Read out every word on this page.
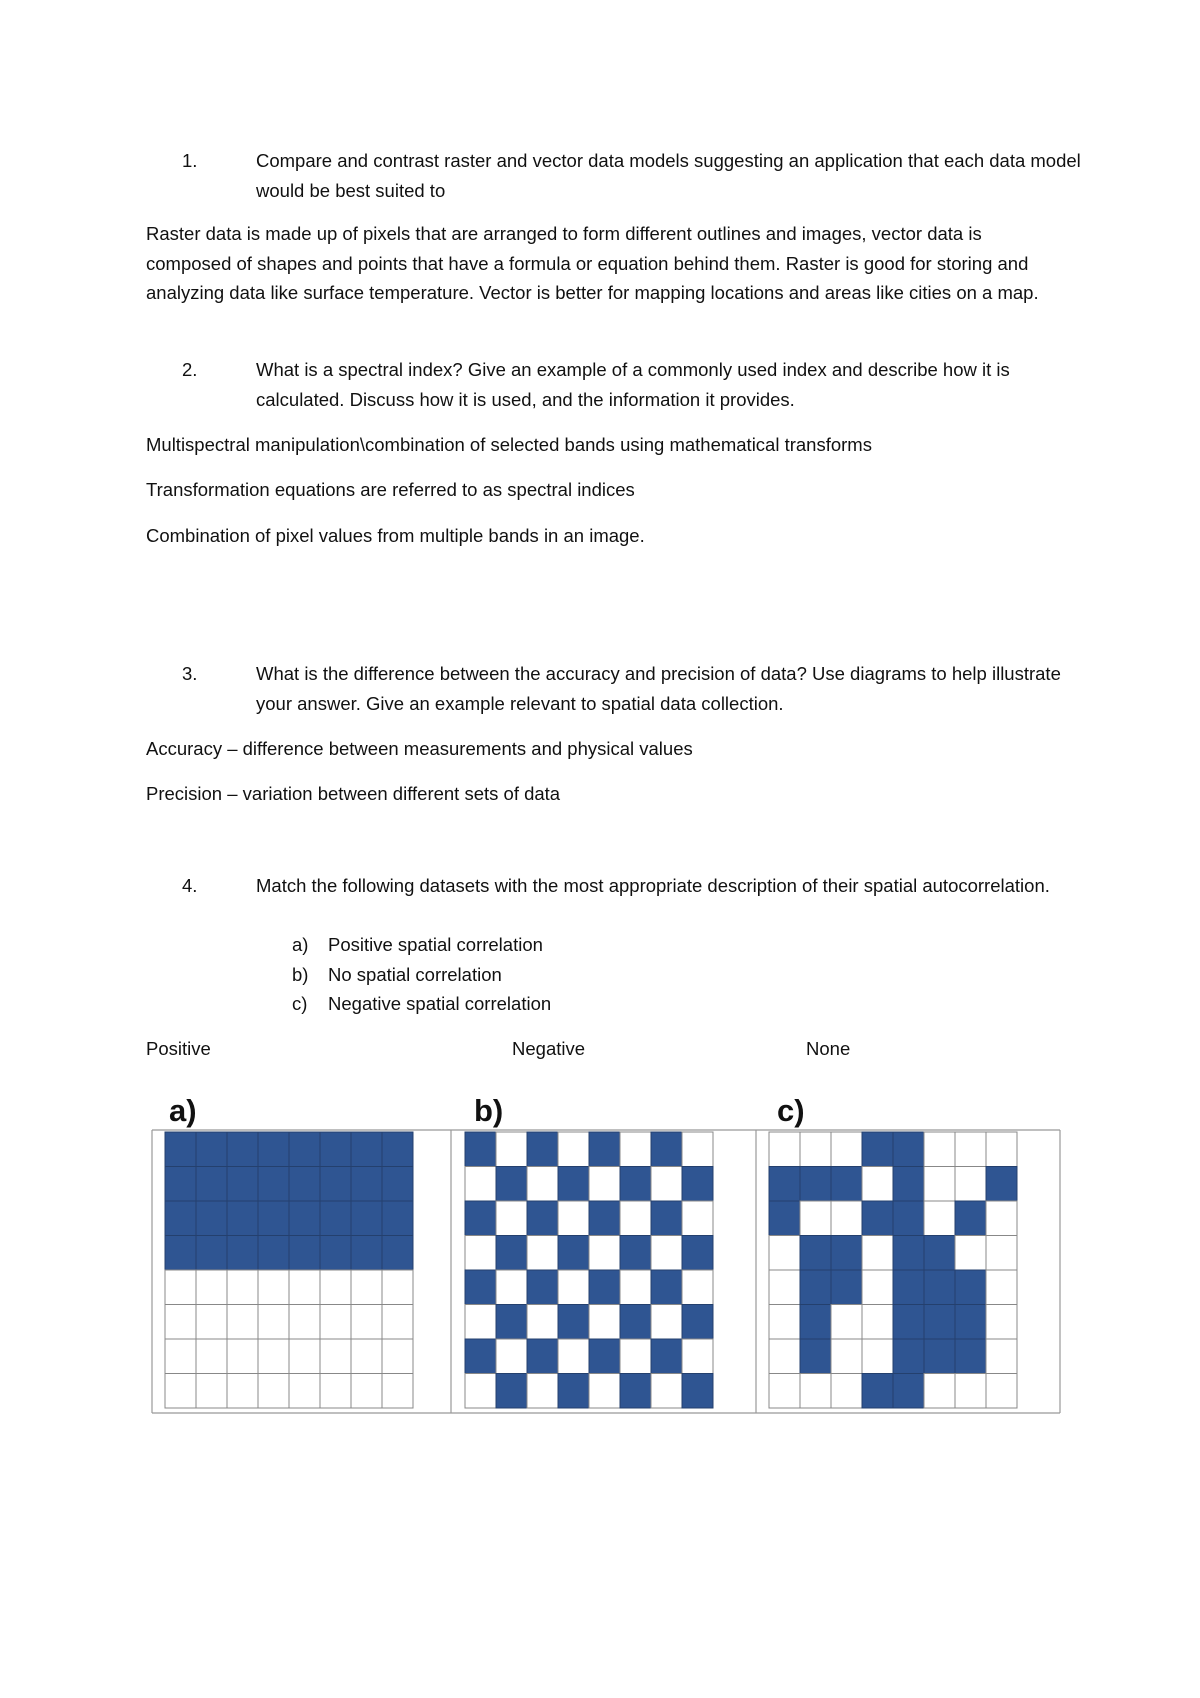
1.	Compare and contrast raster and vector data models suggesting an application that each data model would be best suited to
Raster data is made up of pixels that are arranged to form different outlines and images, vector data is composed of shapes and points that have a formula or equation behind them. Raster is good for storing and analyzing data like surface temperature. Vector is better for mapping locations and areas like cities on a map.
2.	What is a spectral index? Give an example of a commonly used index and describe how it is calculated. Discuss how it is used, and the information it provides.
Multispectral manipulation\combination of selected bands using mathematical transforms
Transformation equations are referred to as spectral indices
Combination of pixel values from multiple bands in an image.
3.	What is the difference between the accuracy and precision of data? Use diagrams to help illustrate your answer. Give an example relevant to spatial data collection.
Accuracy – difference between measurements and physical values
Precision – variation between different sets of data
4.	Match the following datasets with the most appropriate description of their spatial autocorrelation.
a) Positive spatial correlation
b) No spatial correlation
c) Negative spatial correlation
Positive	Negative	None
a)	b)	c)
